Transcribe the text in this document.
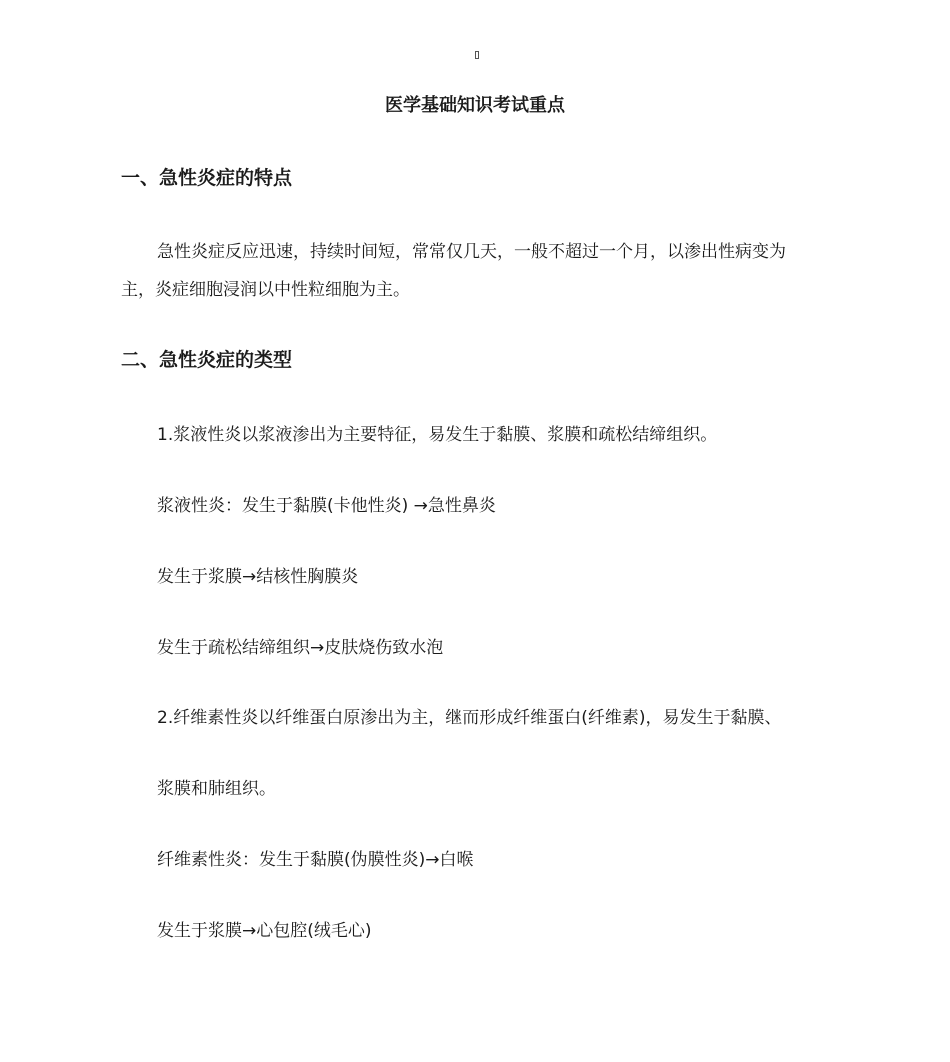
医学基础知识考试重点
一、急性炎症的特点
急性炎症反应迅速，持续时间短，常常仅几天，一般不超过一个月，以渗出性病变为
主，炎症细胞浸润以中性粒细胞为主。
二、急性炎症的类型
1.浆液性炎以浆液渗出为主要特征，易发生于黏膜、浆膜和疏松结缔组织。
浆液性炎：发生于黏膜(卡他性炎) →急性鼻炎
发生于浆膜→结核性胸膜炎
发生于疏松结缔组织→皮肤烧伤致水泡
2.纤维素性炎以纤维蛋白原渗出为主，继而形成纤维蛋白(纤维素)，易发生于黏膜、
浆膜和肺组织。
纤维素性炎：发生于黏膜(伪膜性炎)→白喉
发生于浆膜→心包腔(绒毛心)
